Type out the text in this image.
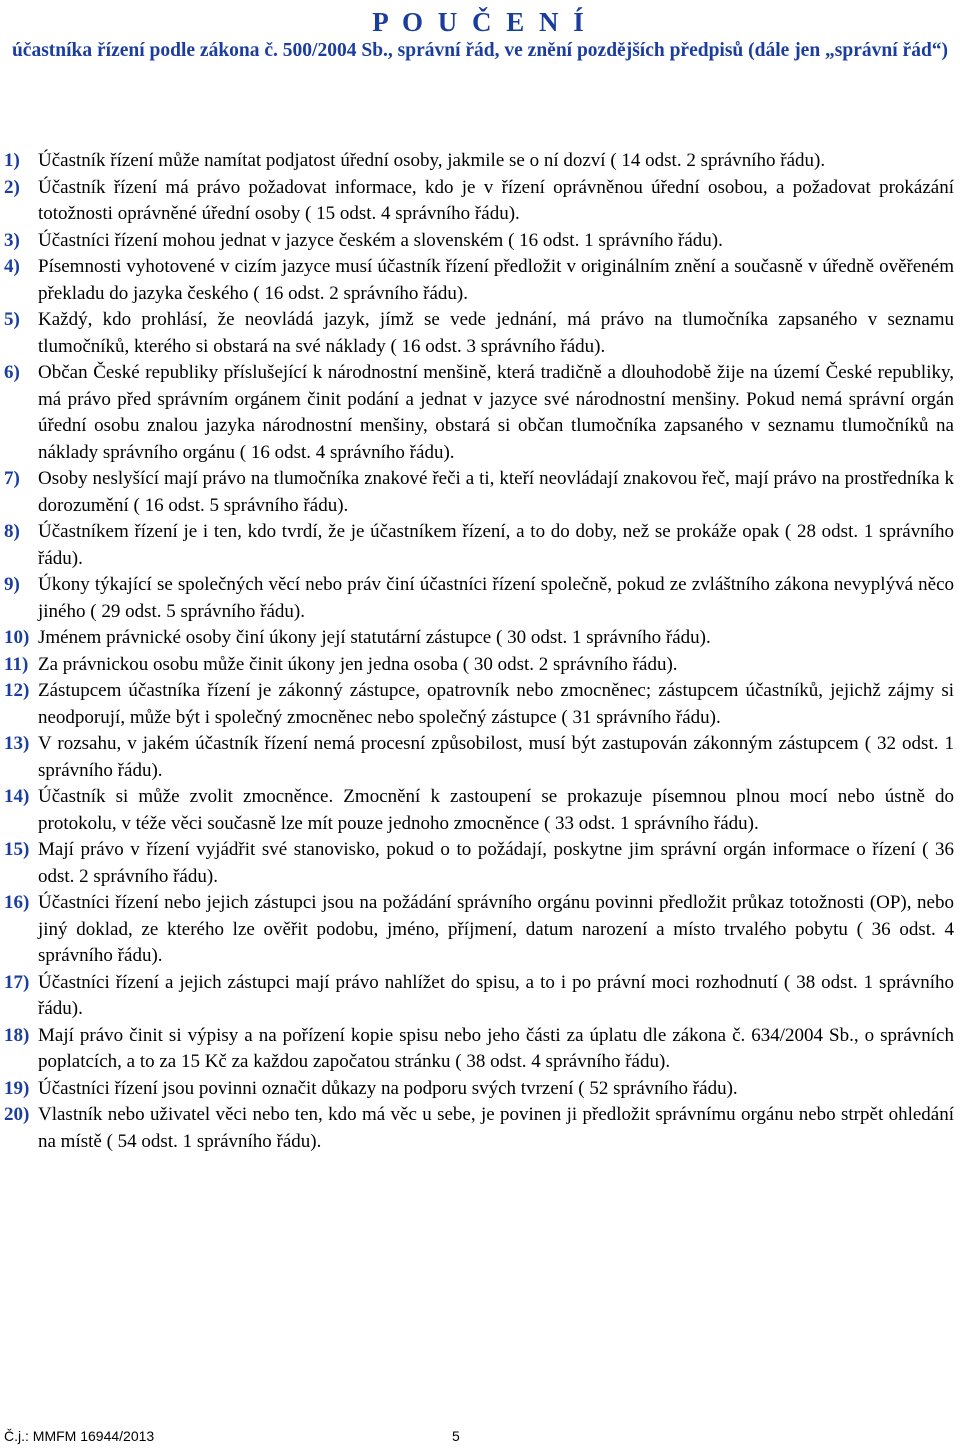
P O U Č E N Í

účastníka řízení podle zákona č. 500/2004 Sb., správní řád, ve znění pozdějších předpisů (dále jen „správní řád“)

1) Účastník řízení může namítat podjatost úřední osoby, jakmile se o ní dozví ( 14 odst. 2 správního řádu).
2) Účastník řízení má právo požadovat informace, kdo je v řízení oprávněnou úřední osobou, a požadovat prokázání totožnosti oprávněné úřední osoby ( 15 odst. 4 správního řádu).
3) Účastníci řízení mohou jednat v jazyce českém a slovenském ( 16 odst. 1 správního řádu).
4) Písemnosti vyhotovené v cizím jazyce musí účastník řízení předložit v originálním znění a současně v úředně ověřeném překladu do jazyka českého ( 16 odst. 2 správního řádu).
5) Každý, kdo prohlásí, že neovládá jazyk, jímž se vede jednání, má právo na tlumočníka zapsaného v seznamu tlumočníků, kterého si obstará na své náklady ( 16 odst. 3 správního řádu).
6) Občan České republiky příslušející k národnostní menšině, která tradičně a dlouhodobě žije na území České republiky, má právo před správním orgánem činit podání a jednat v jazyce své národnostní menšiny. Pokud nemá správní orgán úřední osobu znalou jazyka národnostní menšiny, obstará si občan tlumočníka zapsaného v seznamu tlumočníků na náklady správního orgánu ( 16 odst. 4 správního řádu).
7) Osoby neslyšící mají právo na tlumočníka znakové řeči a ti, kteří neovládají znakovou řeč, mají právo na prostředníka k dorozumění ( 16 odst. 5 správního řádu).
8) Účastníkem řízení je i ten, kdo tvrdí, že je účastníkem řízení, a to do doby, než se prokáže opak ( 28 odst. 1 správního řádu).
9) Úkony týkající se společných věcí nebo práv činí účastníci řízení společně, pokud ze zvláštního zákona nevyplývá něco jiného ( 29 odst. 5 správního řádu).
10) Jménem právnické osoby činí úkony její statutární zástupce ( 30 odst. 1 správního řádu).
11) Za právnickou osobu může činit úkony jen jedna osoba ( 30 odst. 2 správního řádu).
12) Zástupcem účastníka řízení je zákonný zástupce, opatrovník nebo zmocněnec; zástupcem účastníků, jejichž zájmy si neodporují, může být i společný zmocněnec nebo společný zástupce ( 31 správního řádu).
13) V rozsahu, v jakém účastník řízení nemá procesní způsobilost, musí být zastupován zákonným zástupcem ( 32 odst. 1 správního řádu).
14) Účastník si může zvolit zmocněnce. Zmocnění k zastoupení se prokazuje písemnou plnou mocí nebo ústně do protokolu, v téže věci současně lze mít pouze jednoho zmocněnce ( 33 odst. 1 správního řádu).
15) Mají právo v řízení vyjádřit své stanovisko, pokud o to požádají, poskytne jim správní orgán informace o řízení ( 36 odst. 2 správního řádu).
16) Účastníci řízení nebo jejich zástupci jsou na požádání správního orgánu povinni předložit průkaz totožnosti (OP), nebo jiný doklad, ze kterého lze ověřit podobu, jméno, příjmení, datum narození a místo trvalého pobytu ( 36 odst. 4 správního řádu).
17) Účastníci řízení a jejich zástupci mají právo nahlížet do spisu, a to i po právní moci rozhodnutí ( 38 odst. 1 správního řádu).
18) Mají právo činit si výpisy a na pořízení kopie spisu nebo jeho části za úplatu dle zákona č. 634/2004 Sb., o správních poplatcích, a to za 15 Kč za každou započatou stránku ( 38 odst. 4 správního řádu).
19) Účastníci řízení jsou povinni označit důkazy na podporu svých tvrzení ( 52 správního řádu).
20) Vlastník nebo uživatel věci nebo ten, kdo má věc u sebe, je povinen ji předložit správnímu orgánu nebo strpět ohledání na místě ( 54 odst. 1 správního řádu).
Č.j.: MMFM 16944/2013	5
